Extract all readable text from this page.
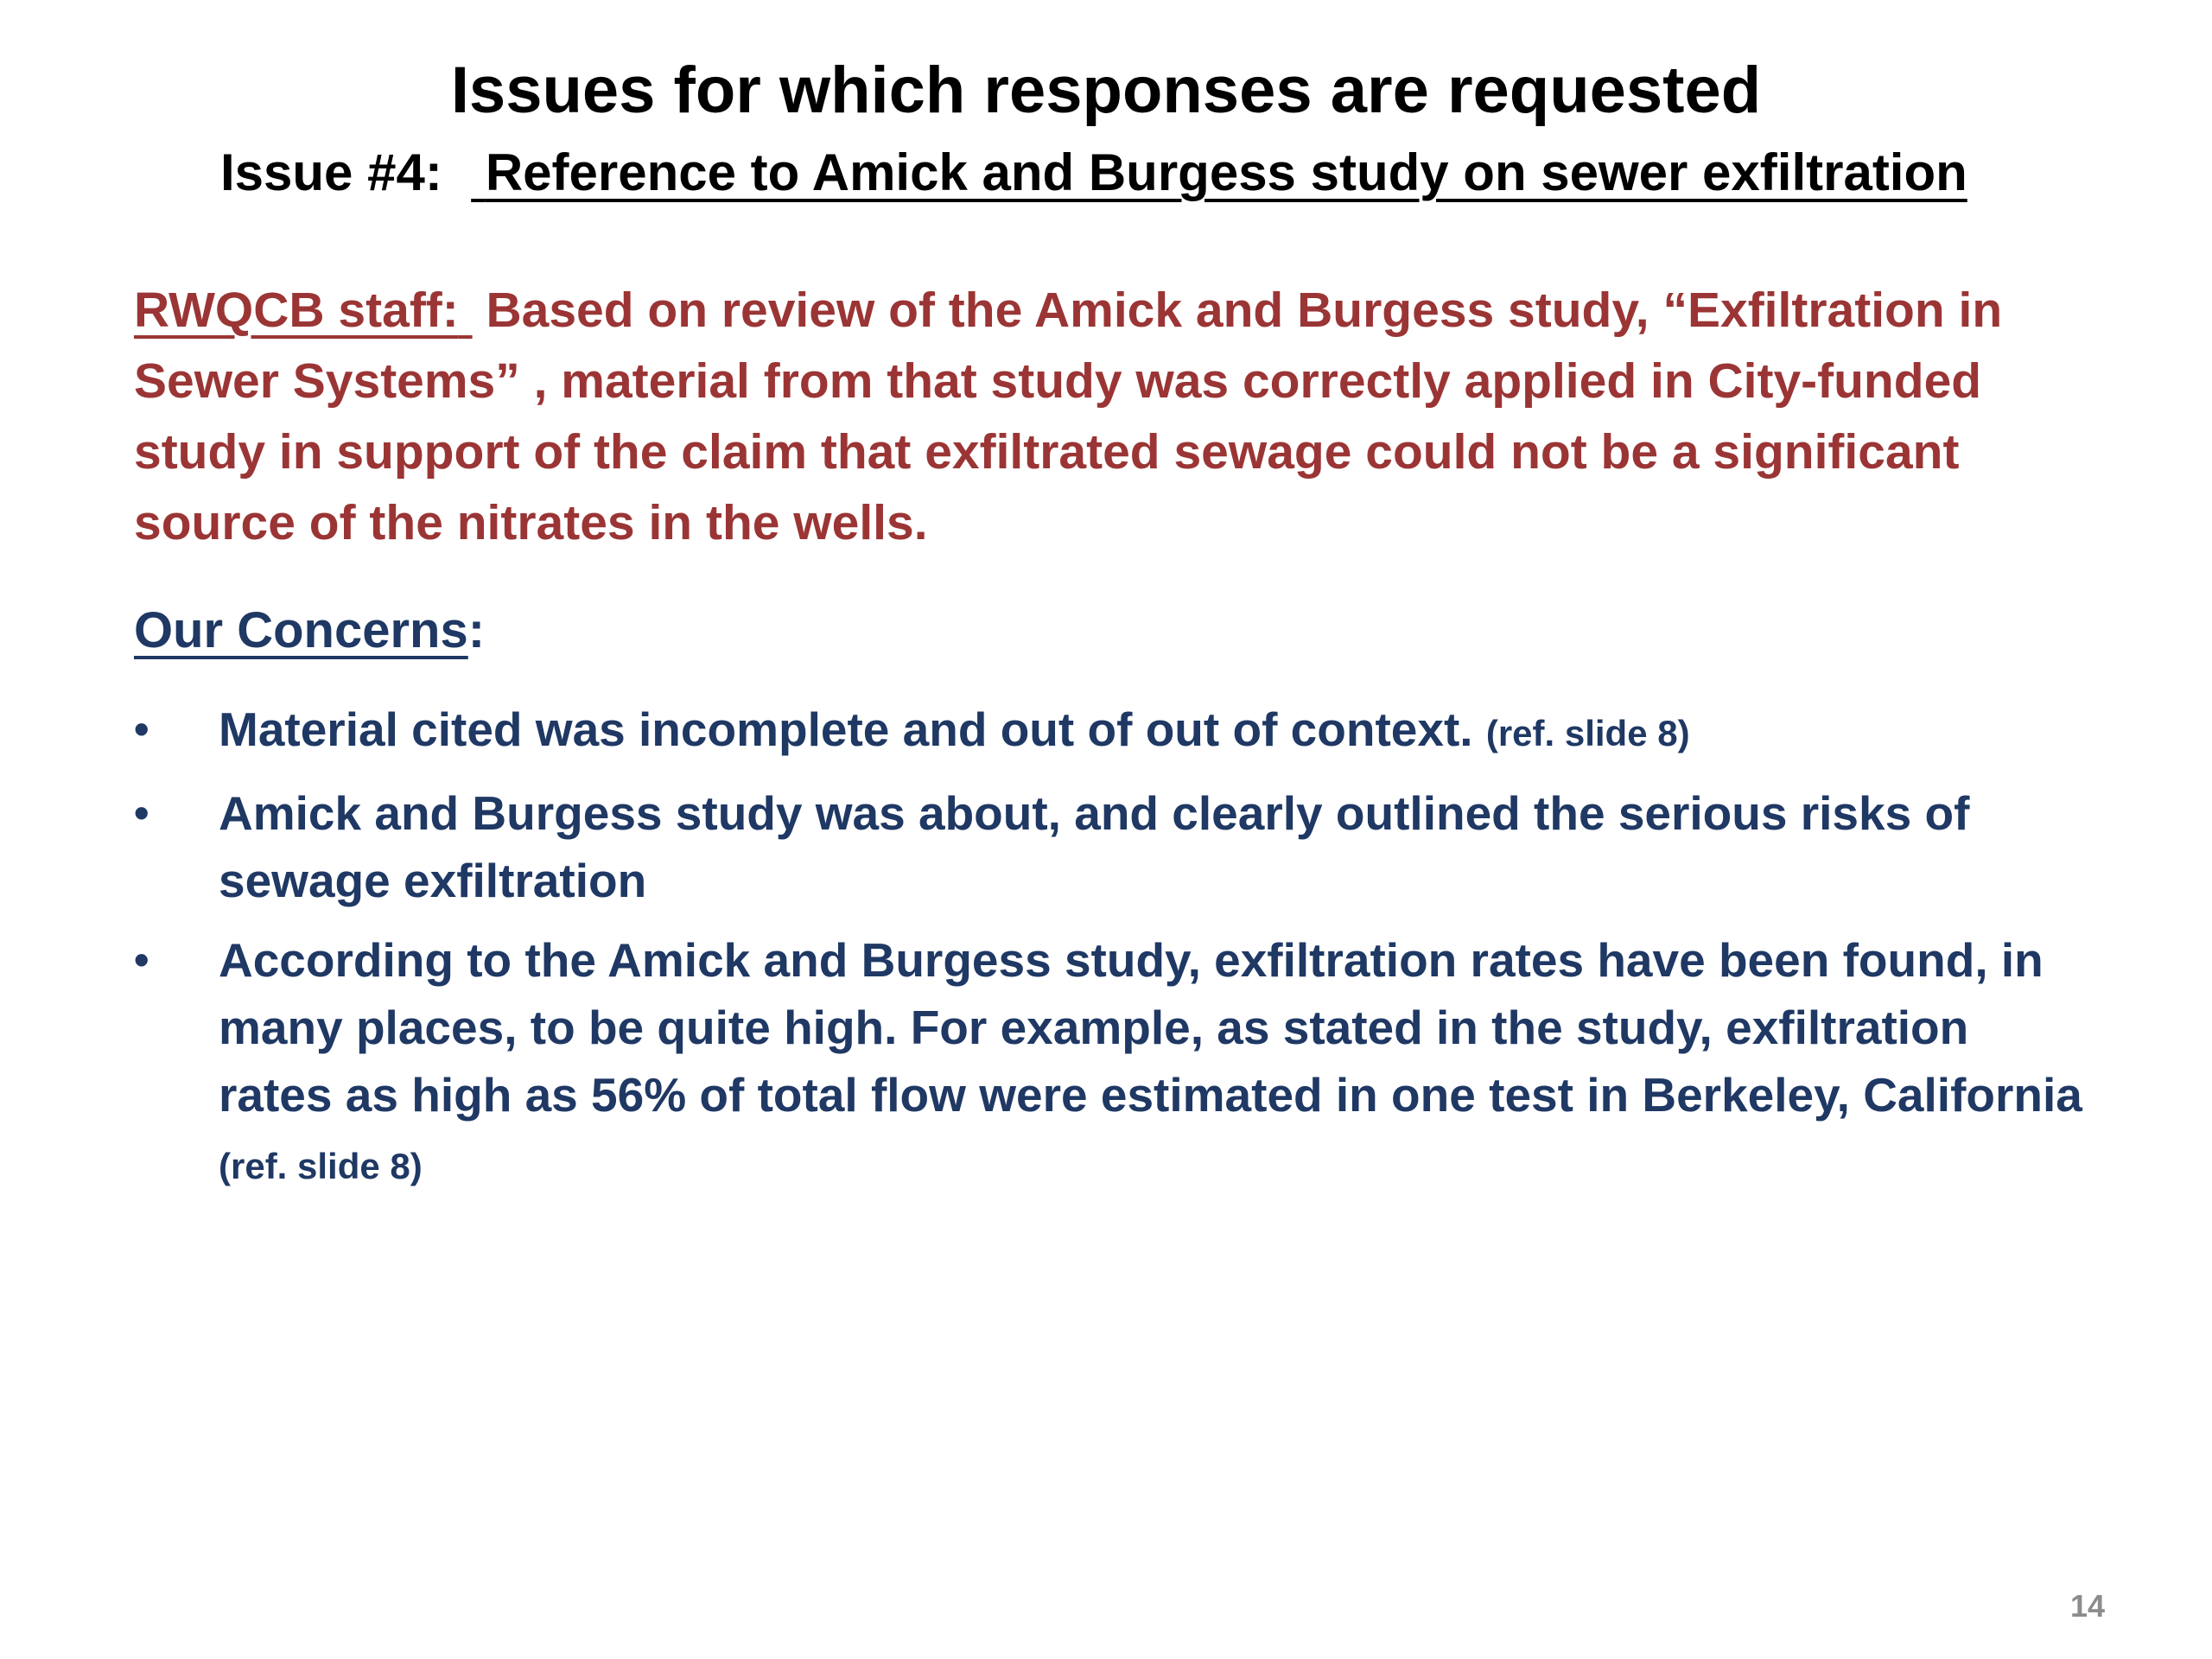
Issues for which responses are requested
Issue #4: Reference to Amick and Burgess study on sewer exfiltration
RWQCB staff: Based on review of the Amick and Burgess study, “Exfiltration in Sewer Systems” , material from that study was correctly applied in City-funded study in support of the claim that exfiltrated sewage could not be a significant source of the nitrates in the wells.
Our Concerns:
• Material cited was incomplete and out of out of context. (ref. slide 8)
• Amick and Burgess study was about, and clearly outlined the serious risks of sewage exfiltration
• According to the Amick and Burgess study, exfiltration rates have been found, in many places, to be quite high. For example, as stated in the study, exfiltration rates as high as 56% of total flow were estimated in one test in Berkeley, California (ref. slide 8)
14
